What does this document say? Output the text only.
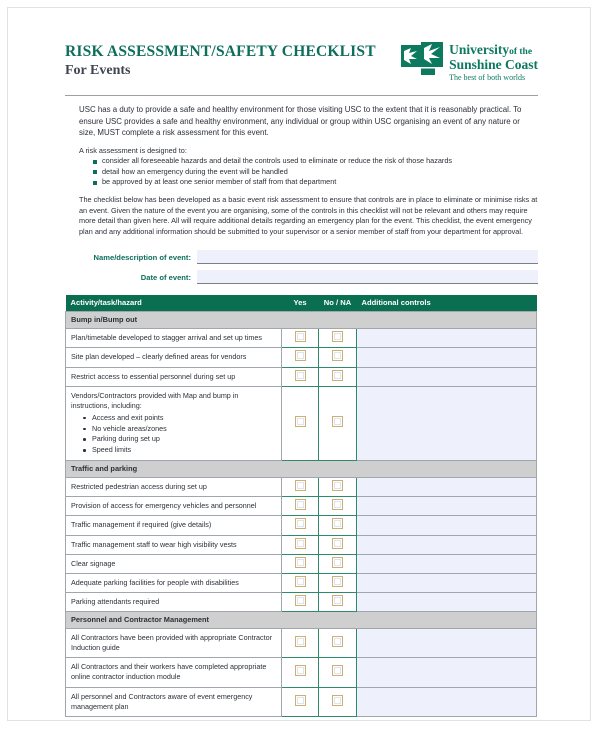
RISK ASSESSMENT/SAFETY CHECKLIST
For Events
Universityof the
Sunshine Coast
The best of both worlds

USC has a duty to provide a safe and healthy environment for those visiting USC to the extent that it is reasonably practical. To ensure USC provides a safe and healthy environment, any individual or group within USC organising an event of any nature or size, MUST complete a risk assessment for this event.

A risk assessment is designed to:
consider all foreseeable hazards and detail the controls used to eliminate or reduce the risk of those hazards
detail how an emergency during the event will be handled
be approved by at least one senior member of staff from that department

The checklist below has been developed as a basic event risk assessment to ensure that controls are in place to eliminate or minimise risks at an event. Given the nature of the event you are organising, some of the controls in this checklist will not be relevant and others may require more detail than given here. All will require additional details regarding an emergency plan for the event. This checklist, the event emergency plan and any additional information should be submitted to your supervisor or a senior member of staff from your department for approval.

Name/description of event:
Date of event:
Activity/task/hazard	Yes	No / NA	Additional controls
Bump in/Bump out			
Plan/timetable developed to stagger arrival and set up times	

Site plan developed – clearly defined areas for vendors	

Restrict access to essential personnel during set up	

Vendors/Contractors provided with Map and bump in instructions, including:
Access and exit points
No vehicle areas/zones
Parking during set up
Speed limits

Traffic and parking			
Restricted pedestrian access during set up	

Provision of access for emergency vehicles and personnel	

Traffic management if required (give details)	

Traffic management staff to wear high visibility vests	

Clear signage	

Adequate parking facilities for people with disabilities	

Parking attendants required	

Personnel and Contractor Management			
All Contractors have been provided with appropriate Contractor Induction guide	

All Contractors and their workers have completed appropriate online contractor induction module	

All personnel and Contractors aware of event emergency management plan	
